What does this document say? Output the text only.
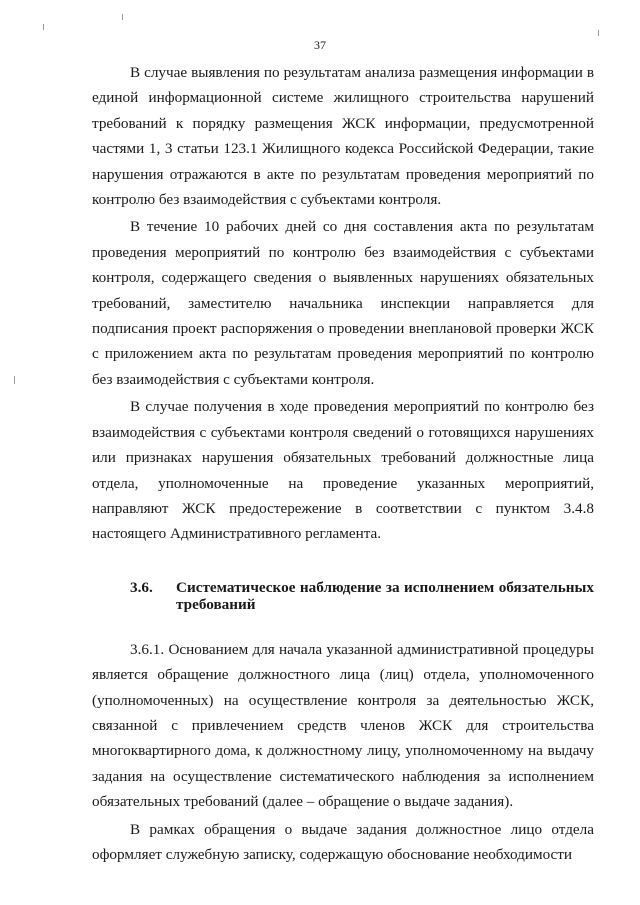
37

В случае выявления по результатам анализа размещения информации в единой информационной системе жилищного строительства нарушений требований к порядку размещения ЖСК информации, предусмотренной частями 1, 3 статьи 123.1 Жилищного кодекса Российской Федерации, такие нарушения отражаются в акте по результатам проведения мероприятий по контролю без взаимодействия с субъектами контроля.

В течение 10 рабочих дней со дня составления акта по результатам проведения мероприятий по контролю без взаимодействия с субъектами контроля, содержащего сведения о выявленных нарушениях обязательных требований, заместителю начальника инспекции направляется для подписания проект распоряжения о проведении внеплановой проверки ЖСК с приложением акта по результатам проведения мероприятий по контролю без взаимодействия с субъектами контроля.

В случае получения в ходе проведения мероприятий по контролю без взаимодействия с субъектами контроля сведений о готовящихся нарушениях или признаках нарушения обязательных требований должностные лица отдела, уполномоченные на проведение указанных мероприятий, направляют ЖСК предостережение в соответствии с пунктом 3.4.8 настоящего Административного регламента.

3.6.	Систематическое наблюдение за исполнением обязательных требований

3.6.1. Основанием для начала указанной административной процедуры является обращение должностного лица (лиц) отдела, уполномоченного (уполномоченных) на осуществление контроля за деятельностью ЖСК, связанной с привлечением средств членов ЖСК для строительства многоквартирного дома, к должностному лицу, уполномоченному на выдачу задания на осуществление систематического наблюдения за исполнением обязательных требований (далее – обращение о выдаче задания).

В рамках обращения о выдаче задания должностное лицо отдела оформляет служебную записку, содержащую обоснование необходимости
